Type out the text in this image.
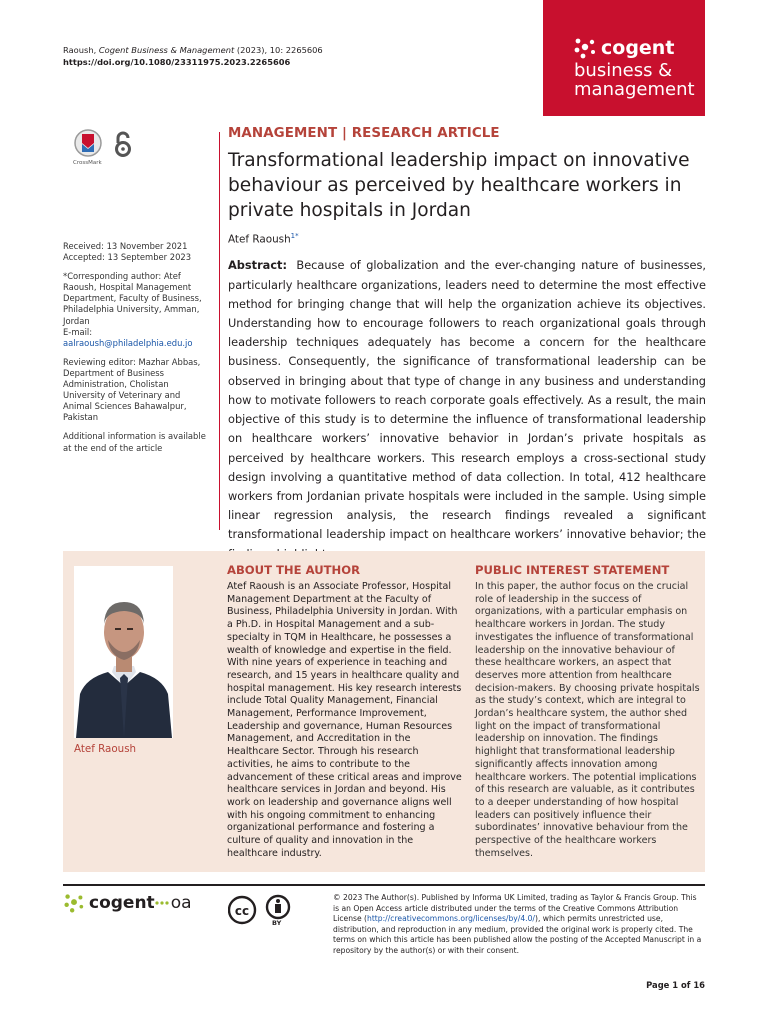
Raoush, Cogent Business & Management (2023), 10: 2265606
https://doi.org/10.1080/23311975.2023.2265606
cogent
business &
management
CrossMark

Received: 13 November 2021
Accepted: 13 September 2023

*Corresponding author: Atef Raoush, Hospital Management Department, Faculty of Business, Philadelphia University, Amman, Jordan
E-mail: aalraoush@philadelphia.edu.jo

Reviewing editor: Mazhar Abbas, Department of Business Administration, Cholistan University of Veterinary and Animal Sciences Bahawalpur, Pakistan

Additional information is available at the end of the article

MANAGEMENT | RESEARCH ARTICLE
Transformational leadership impact on innovative behaviour as perceived by healthcare workers in private hospitals in Jordan
Atef Raoush$^{1*}$

Abstract: Because of globalization and the ever-changing nature of businesses, particularly healthcare organizations, leaders need to determine the most effective method for bringing change that will help the organization achieve its objectives. Understanding how to encourage followers to reach organizational goals through leadership techniques adequately has become a concern for the healthcare business. Consequently, the significance of transformational leadership can be observed in bringing about that type of change in any business and understanding how to motivate followers to reach corporate goals effectively. As a result, the main objective of this study is to determine the influence of transformational leadership on healthcare workers’ innovative behavior in Jordan’s private hospitals as perceived by healthcare workers. This research employs a cross-sectional study design involving a quantitative method of data collection. In total, 412 healthcare workers from Jordanian private hospitals were included in the sample. Using simple linear regression analysis, the research findings revealed a significant transformational leadership impact on healthcare workers’ innovative behavior; the

Atef Raoush
ABOUT THE AUTHOR

Atef Raoush is an Associate Professor, Hospital Management Department at the Faculty of Business, Philadelphia University in Jordan. With a Ph.D. in Hospital Management and a sub-specialty in TQM in Healthcare, he possesses a wealth of knowledge and expertise in the field. With nine years of experience in teaching and research, and 15 years in healthcare quality and hospital management. His key research interests include Total Quality Management, Financial Management, Performance Improvement, Leadership and governance, Human Resources Management, and Accreditation in the Healthcare Sector. Through his research activities, he aims to contribute to the advancement of these critical areas and improve healthcare services in Jordan and beyond. His work on leadership and governance aligns well with his ongoing commitment to enhancing organizational performance and fostering a culture of quality and innovation in the healthcare industry.

PUBLIC INTEREST STATEMENT

In this paper, the author focus on the crucial role of leadership in the success of organizations, with a particular emphasis on healthcare workers in Jordan. The study investigates the influence of transformational leadership on the innovative behaviour of these healthcare workers, an aspect that deserves more attention from healthcare decision-makers. By choosing private hospitals as the study’s context, which are integral to Jordan’s healthcare system, the author shed light on the impact of transformational leadership on innovation. The findings highlight that transformational leadership significantly affects innovation among healthcare workers. The potential implications of this research are valuable, as it contributes to a deeper understanding of how hospital leaders can positively influence their subordinates’ innovative behaviour from the perspective of the healthcare workers themselves.

cogent oa	cc
BY

© 2023 The Author(s). Published by Informa UK Limited, trading as Taylor & Francis Group. This is an Open Access article distributed under the terms of the Creative Commons Attribution License (http://creativecommons.org/licenses/by/4.0/), which permits unrestricted use, distribution, and reproduction in any medium, provided the original work is properly cited. The terms on which this article has been published allow the posting of the Accepted Manuscript in a repository by the author(s) or with their consent.

Page 1 of 16
